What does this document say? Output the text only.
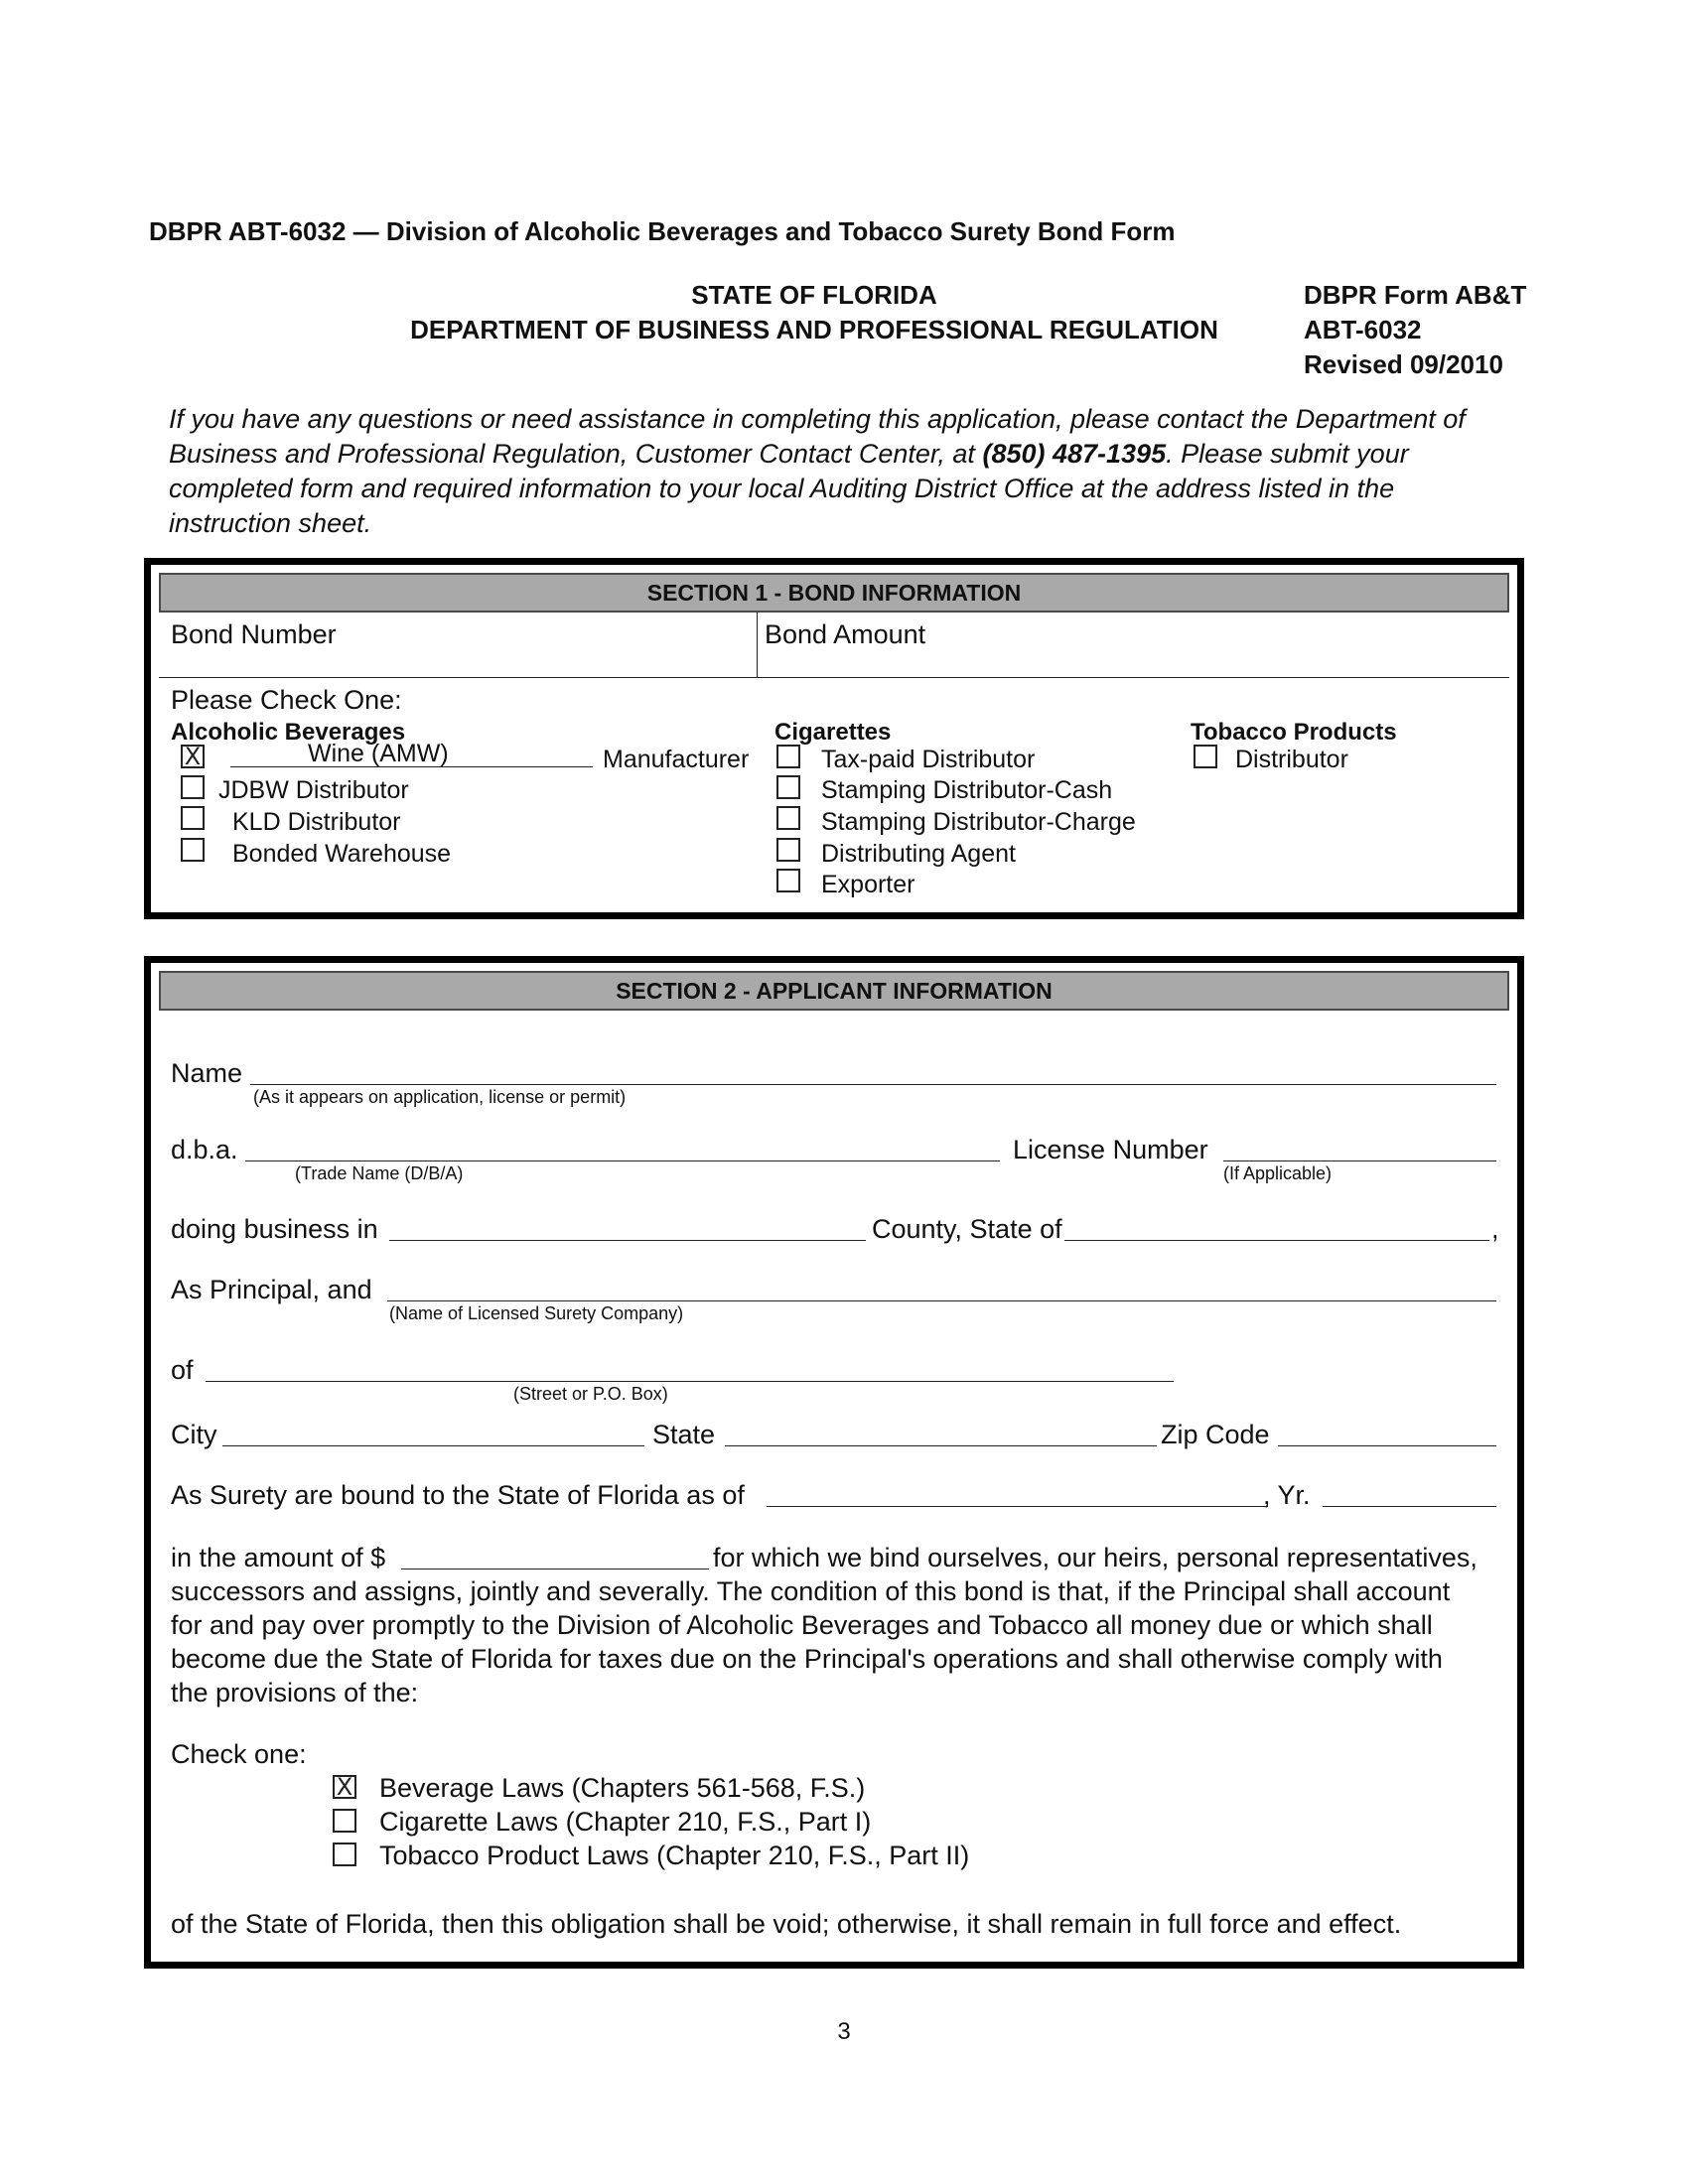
DBPR ABT-6032 — Division of Alcoholic Beverages and Tobacco Surety Bond Form
STATE OF FLORIDA
DEPARTMENT OF BUSINESS AND PROFESSIONAL REGULATION
DBPR Form AB&T
ABT-6032
Revised 09/2010
If you have any questions or need assistance in completing this application, please contact the Department of Business and Professional Regulation, Customer Contact Center, at (850) 487-1395. Please submit your completed form and required information to your local Auditing District Office at the address listed in the instruction sheet.
SECTION 1 - BOND INFORMATION
Bond Number	Bond Amount
Please Check One:
Alcoholic Beverages
X	Wine (AMW)	Manufacturer
JDBW Distributor
KLD Distributor
Bonded Warehouse
Cigarettes
Tax-paid Distributor
Stamping Distributor-Cash
Stamping Distributor-Charge
Distributing Agent
Exporter
Tobacco Products
Distributor
SECTION 2 - APPLICANT INFORMATION
Name
(As it appears on application, license or permit)
d.b.a.
(Trade Name (D/B/A)
License Number
(If Applicable)
doing business in	County, State of	,
As Principal, and
(Name of Licensed Surety Company)
of
(Street or P.O. Box)
City	State	Zip Code
As Surety are bound to the State of Florida as of	, Yr.
in the amount of $	for which we bind ourselves, our heirs, personal representatives,
successors and assigns, jointly and severally. The condition of this bond is that, if the Principal shall account
for and pay over promptly to the Division of Alcoholic Beverages and Tobacco all money due or which shall
become due the State of Florida for taxes due on the Principal's operations and shall otherwise comply with
the provisions of the:
Check one:
X Beverage Laws (Chapters 561-568, F.S.)
Cigarette Laws (Chapter 210, F.S., Part I)
Tobacco Product Laws (Chapter 210, F.S., Part II)
of the State of Florida, then this obligation shall be void; otherwise, it shall remain in full force and effect.
3
